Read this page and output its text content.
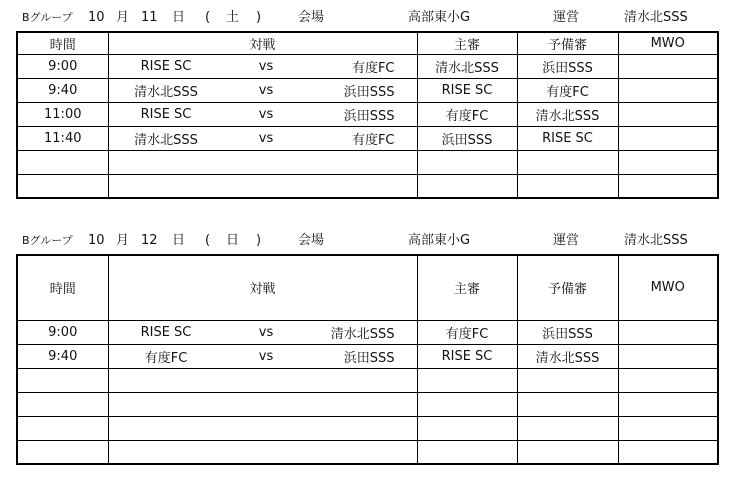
Bグループ 10 月 11 日 ( 土 )	会場	高部東小G	運営	清水北SSS
時間	対戦	主審	予備審	MWO
9:00	RISE SC vs 有度FC	清水北SSS	浜田SSS	
9:40	清水北SSS vs 浜田SSS	RISE SC	有度FC	
11:00	RISE SC vs 浜田SSS	有度FC	清水北SSS	
11:40	清水北SSS vs 有度FC	浜田SSS	RISE SC	

Bグループ 10 月 12 日 ( 日 )	会場	高部東小G	運営	清水北SSS
時間	対戦	主審	予備審	MWO
9:00	RISE SC vs 清水北SSS	有度FC	浜田SSS	
9:40	有度FC vs 浜田SSS	RISE SC	清水北SSS	
